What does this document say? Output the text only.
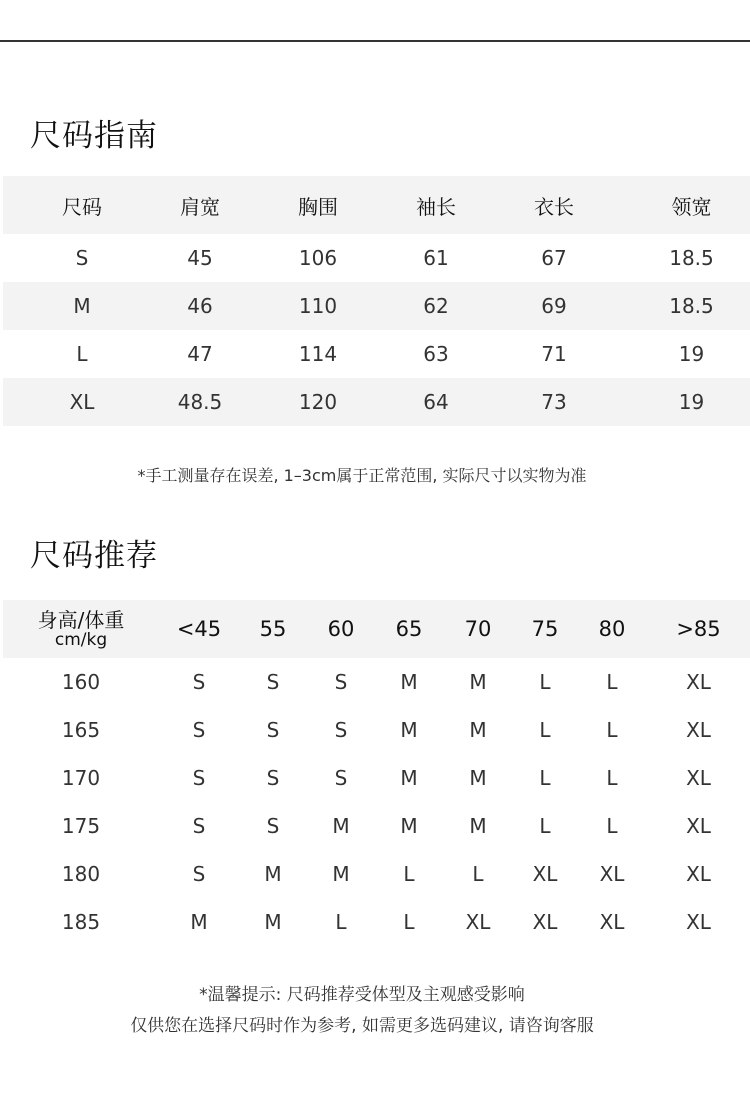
尺码指南
尺码	肩宽	胸围	袖长	衣长	领宽
S	45	106	61	67	18.5
M	46	110	62	69	18.5
L	47	114	63	71	19
XL	48.5	120	64	73	19
*手工测量存在误差, 1–3cm属于正常范围, 实际尺寸以实物为准
尺码推荐
身高/体重
cm/kg	<45	55	60	65	70	75	80	>85
160	S	S	S	M	M	L	L	XL
165	S	S	S	M	M	L	L	XL
170	S	S	S	M	M	L	L	XL
175	S	S	M	M	M	L	L	XL
180	S	M	M	L	L	XL	XL	XL
185	M	M	L	L	XL	XL	XL	XL
*温馨提示: 尺码推荐受体型及主观感受影响
仅供您在选择尺码时作为参考, 如需更多选码建议, 请咨询客服
